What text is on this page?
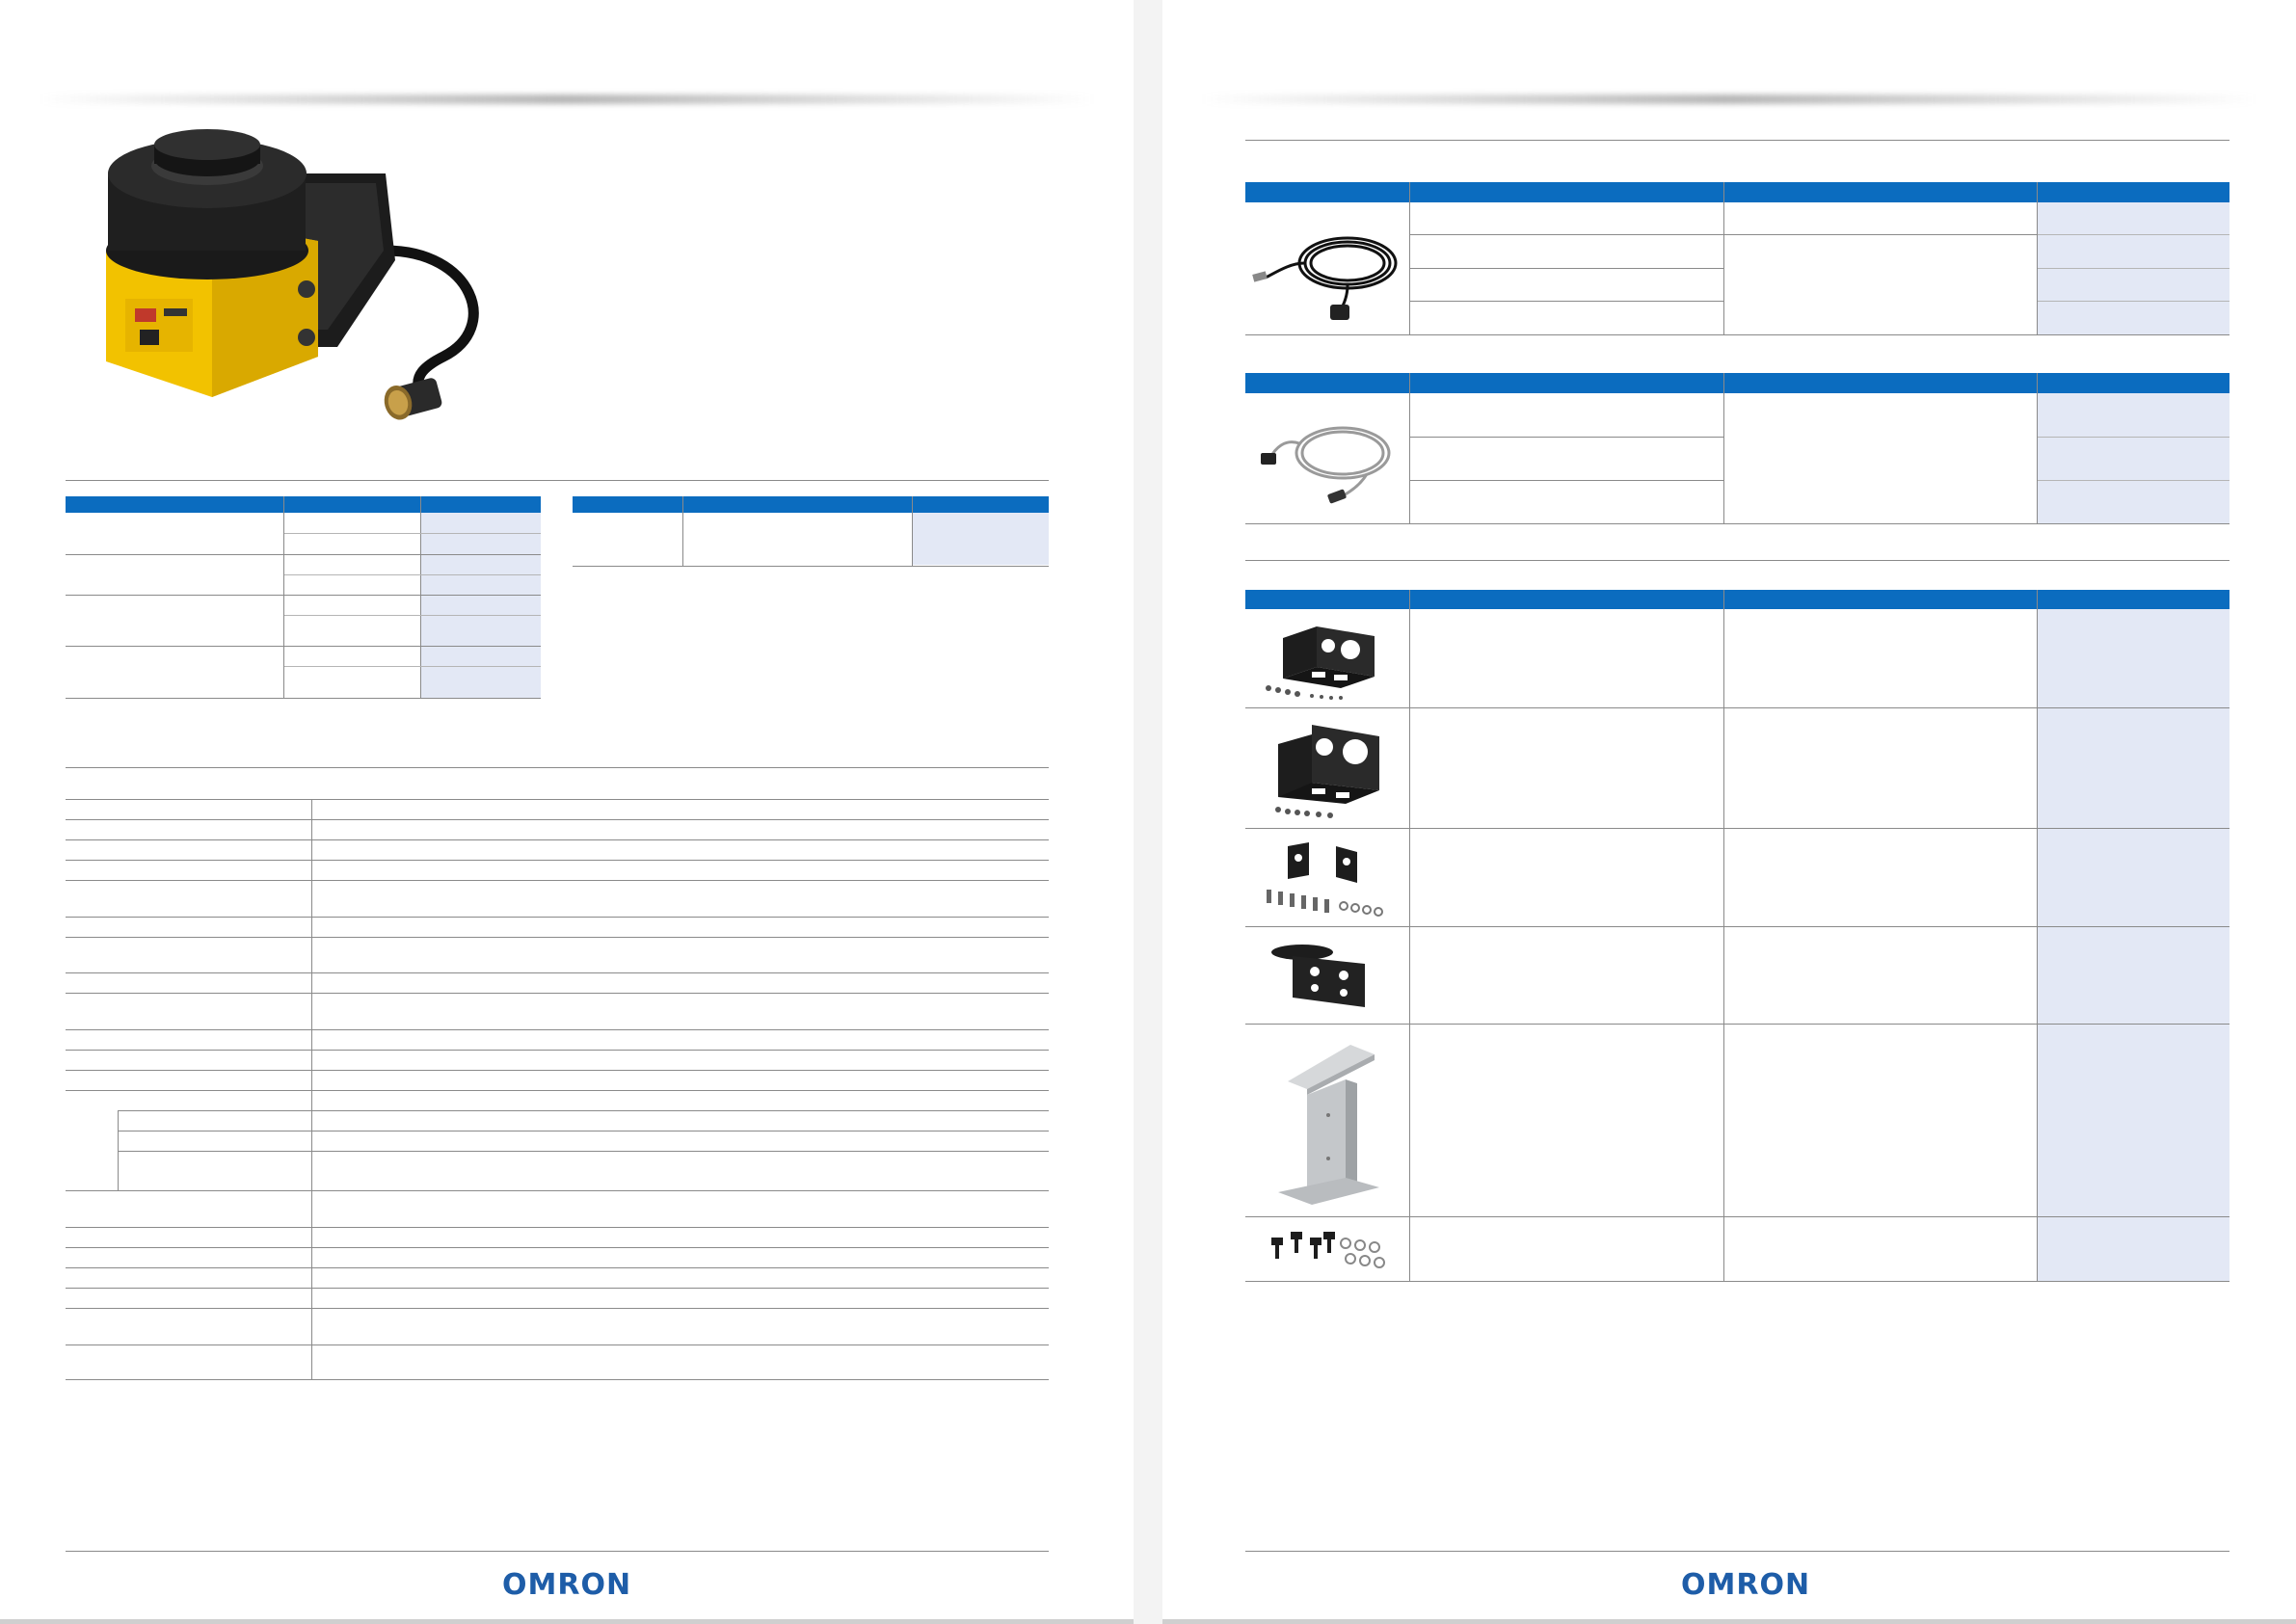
OMRON	OMRON
